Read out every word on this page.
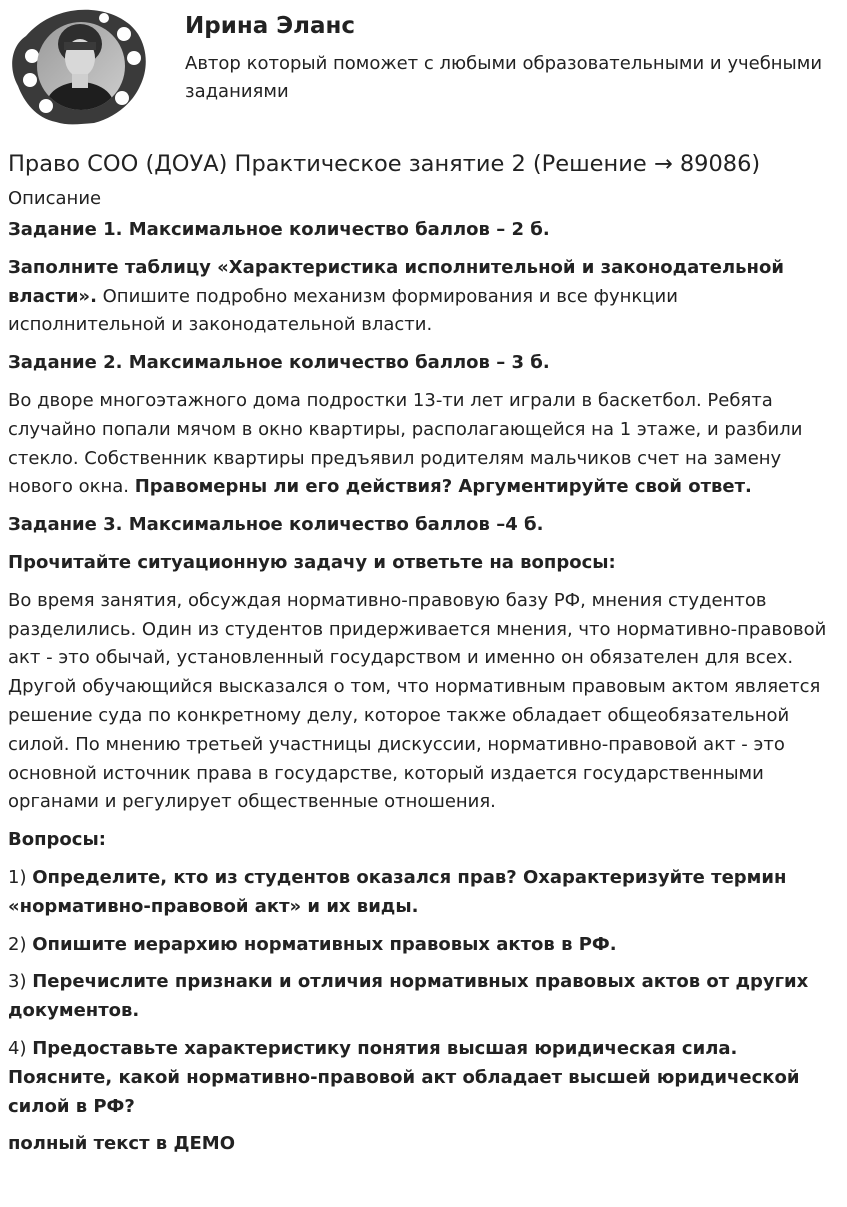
Ирина Эланс
Автор который поможет с любыми образовательными и учебными заданиями
Право СОО (ДОУА) Практическое занятие 2 (Решение → 89086)
Описание

Задание 1. Максимальное количество баллов – 2 б.

Заполните таблицу «Характеристика исполнительной и законодательной власти». Опишите подробно механизм формирования и все функции исполнительной и законодательной власти.

Задание 2. Максимальное количество баллов – 3 б.

Во дворе многоэтажного дома подростки 13-ти лет играли в баскетбол. Ребята случайно попали мячом в окно квартиры, располагающейся на 1 этаже, и разбили стекло. Собственник квартиры предъявил родителям мальчиков счет на замену нового окна. Правомерны ли его действия? Аргументируйте свой ответ.

Задание 3. Максимальное количество баллов –4 б.

Прочитайте ситуационную задачу и ответьте на вопросы:

Во время занятия, обсуждая нормативно-правовую базу РФ, мнения студентов разделились. Один из студентов придерживается мнения, что нормативно-правовой акт - это обычай, установленный государством и именно он обязателен для всех. Другой обучающийся высказался о том, что нормативным правовым актом является решение суда по конкретному делу, которое также обладает общеобязательной силой. По мнению третьей участницы дискуссии, нормативно-правовой акт - это основной источник права в государстве, который издается государственными органами и регулирует общественные отношения.

Вопросы:

1) Определите, кто из студентов оказался прав? Охарактеризуйте термин «нормативно-правовой акт» и их виды.

2) Опишите иерархию нормативных правовых актов в РФ.

3) Перечислите признаки и отличия нормативных правовых актов от других документов.

4) Предоставьте характеристику понятия высшая юридическая сила. Поясните, какой нормативно-правовой акт обладает высшей юридической силой в РФ?

полный текст в ДЕМО
